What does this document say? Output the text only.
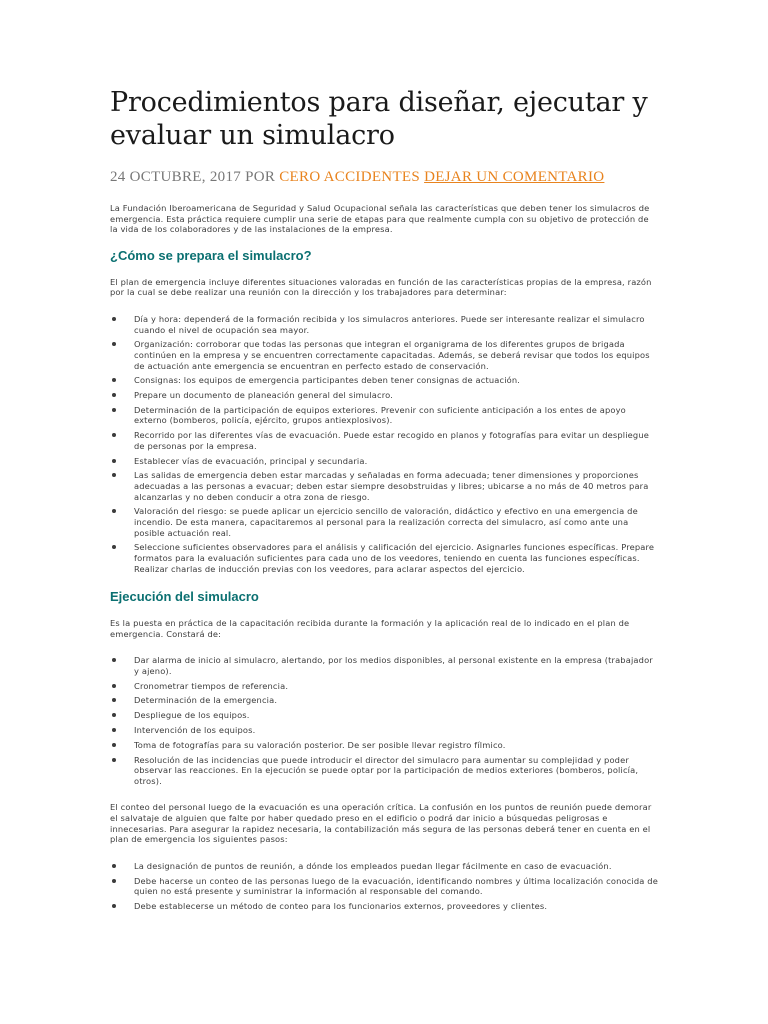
Procedimientos para diseñar, ejecutar y evaluar un simulacro
24 OCTUBRE, 2017 POR CERO ACCIDENTES DEJAR UN COMENTARIO

La Fundación Iberoamericana de Seguridad y Salud Ocupacional señala las características que deben tener los simulacros de emergencia. Esta práctica requiere cumplir una serie de etapas para que realmente cumpla con su objetivo de protección de la vida de los colaboradores y de las instalaciones de la empresa.

¿Cómo se prepara el simulacro?

El plan de emergencia incluye diferentes situaciones valoradas en función de las características propias de la empresa, razón por la cual se debe realizar una reunión con la dirección y los trabajadores para determinar:

Día y hora: dependerá de la formación recibida y los simulacros anteriores. Puede ser interesante realizar el simulacro cuando el nivel de ocupación sea mayor.
Organización: corroborar que todas las personas que integran el organigrama de los diferentes grupos de brigada continúen en la empresa y se encuentren correctamente capacitadas. Además, se deberá revisar que todos los equipos de actuación ante emergencia se encuentran en perfecto estado de conservación.
Consignas: los equipos de emergencia participantes deben tener consignas de actuación.
Prepare un documento de planeación general del simulacro.
Determinación de la participación de equipos exteriores. Prevenir con suficiente anticipación a los entes de apoyo externo (bomberos, policía, ejército, grupos antiexplosivos).
Recorrido por las diferentes vías de evacuación. Puede estar recogido en planos y fotografías para evitar un despliegue de personas por la empresa.
Establecer vías de evacuación, principal y secundaria.
Las salidas de emergencia deben estar marcadas y señaladas en forma adecuada; tener dimensiones y proporciones adecuadas a las personas a evacuar; deben estar siempre desobstruidas y libres; ubicarse a no más de 40 metros para alcanzarlas y no deben conducir a otra zona de riesgo.
Valoración del riesgo: se puede aplicar un ejercicio sencillo de valoración, didáctico y efectivo en una emergencia de incendio. De esta manera, capacitaremos al personal para la realización correcta del simulacro, así como ante una posible actuación real.
Seleccione suficientes observadores para el análisis y calificación del ejercicio. Asignarles funciones específicas. Prepare formatos para la evaluación suficientes para cada uno de los veedores, teniendo en cuenta las funciones específicas. Realizar charlas de inducción previas con los veedores, para aclarar aspectos del ejercicio.
Ejecución del simulacro

Es la puesta en práctica de la capacitación recibida durante la formación y la aplicación real de lo indicado en el plan de emergencia. Constará de:

Dar alarma de inicio al simulacro, alertando, por los medios disponibles, al personal existente en la empresa (trabajador y ajeno).
Cronometrar tiempos de referencia.
Determinación de la emergencia.
Despliegue de los equipos.
Intervención de los equipos.
Toma de fotografías para su valoración posterior. De ser posible llevar registro fílmico.
Resolución de las incidencias que puede introducir el director del simulacro para aumentar su complejidad y poder observar las reacciones. En la ejecución se puede optar por la participación de medios exteriores (bomberos, policía, otros).

El conteo del personal luego de la evacuación es una operación crítica. La confusión en los puntos de reunión puede demorar el salvataje de alguien que falte por haber quedado preso en el edificio o podrá dar inicio a búsquedas peligrosas e innecesarias. Para asegurar la rapidez necesaria, la contabilización más segura de las personas deberá tener en cuenta en el plan de emergencia los siguientes pasos:

La designación de puntos de reunión, a dónde los empleados puedan llegar fácilmente en caso de evacuación.
Debe hacerse un conteo de las personas luego de la evacuación, identificando nombres y última localización conocida de quien no está presente y suministrar la información al responsable del comando.
Debe establecerse un método de conteo para los funcionarios externos, proveedores y clientes.
